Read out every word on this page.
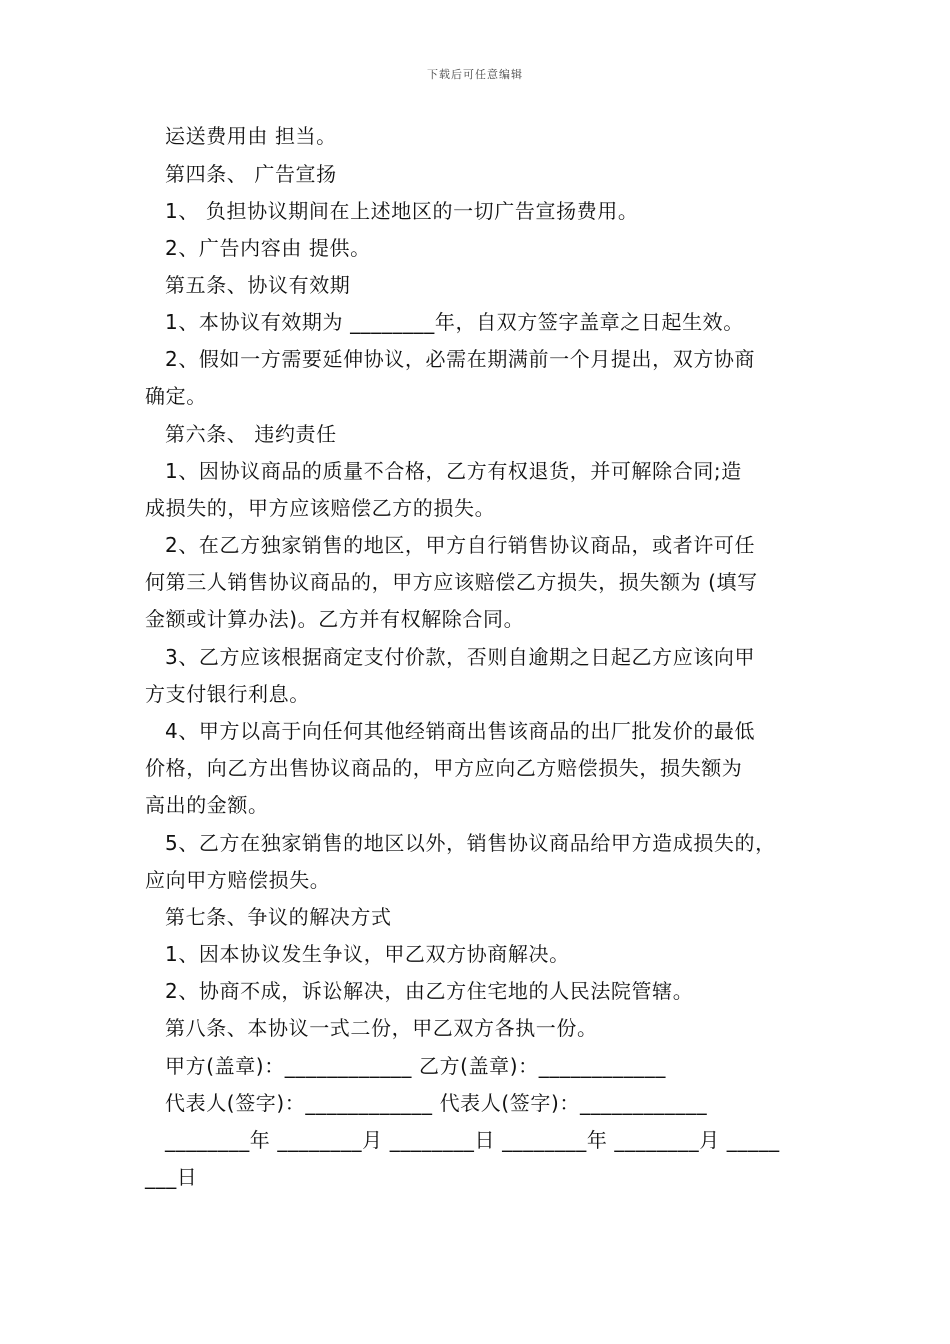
下载后可任意编辑
运送费用由 担当。
第四条、 广告宣扬
1、 负担协议期间在上述地区的一切广告宣扬费用。
2、广告内容由 提供。
第五条、协议有效期
1、本协议有效期为 ________年，自双方签字盖章之日起生效。
2、假如一方需要延伸协议，必需在期满前一个月提出，双方协商
确定。
第六条、 违约责任
1、因协议商品的质量不合格，乙方有权退货，并可解除合同;造
成损失的，甲方应该赔偿乙方的损失。
2、在乙方独家销售的地区，甲方自行销售协议商品，或者许可任
何第三人销售协议商品的，甲方应该赔偿乙方损失，损失额为 (填写
金额或计算办法)。乙方并有权解除合同。
3、乙方应该根据商定支付价款，否则自逾期之日起乙方应该向甲
方支付银行利息。
4、甲方以高于向任何其他经销商出售该商品的出厂批发价的最低
价格，向乙方出售协议商品的，甲方应向乙方赔偿损失，损失额为
高出的金额。
5、乙方在独家销售的地区以外，销售协议商品给甲方造成损失的，
应向甲方赔偿损失。
第七条、争议的解决方式
1、因本协议发生争议，甲乙双方协商解决。
2、协商不成，诉讼解决，由乙方住宅地的人民法院管辖。
第八条、本协议一式二份，甲乙双方各执一份。
甲方(盖章)：____________ 乙方(盖章)：____________
代表人(签字)：____________ 代表人(签字)：____________
________年 ________月 ________日 ________年 ________月 _____
___日
